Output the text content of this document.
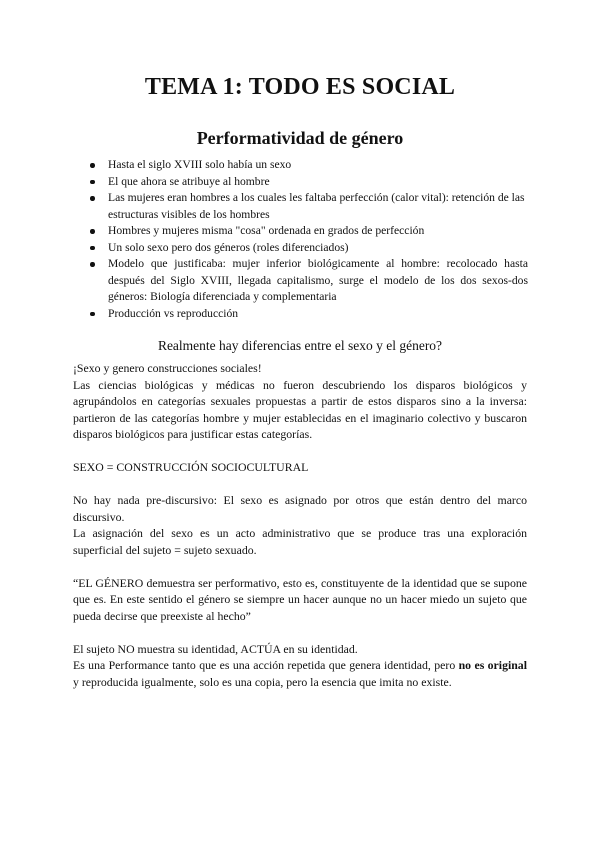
TEMA 1: TODO ES SOCIAL
Performatividad de género
Hasta el siglo XVIII solo había un sexo
El que ahora se atribuye al hombre
Las mujeres eran hombres a los cuales les faltaba perfección (calor vital): retención de las estructuras visibles de los hombres
Hombres y mujeres misma "cosa" ordenada en grados de perfección
Un solo sexo pero dos géneros (roles diferenciados)
Modelo que justificaba: mujer inferior biológicamente al hombre: recolocado hasta después del Siglo XVIII, llegada capitalismo, surge el modelo de los dos sexos-dos géneros: Biología diferenciada y complementaria
Producción vs reproducción
Realmente hay diferencias entre el sexo y el género?

¡Sexo y genero construcciones sociales!

Las ciencias biológicas y médicas no fueron descubriendo los disparos biológicos y agrupándolos en categorías sexuales propuestas a partir de estos disparos sino a la inversa: partieron de las categorías hombre y mujer establecidas en el imaginario colectivo y buscaron disparos biológicos para justificar estas categorías.

SEXO = CONSTRUCCIÓN SOCIOCULTURAL

No hay nada pre-discursivo: El sexo es asignado por otros que están dentro del marco discursivo.

La asignación del sexo es un acto administrativo que se produce tras una exploración superficial del sujeto = sujeto sexuado.

“EL GÉNERO demuestra ser performativo, esto es, constituyente de la identidad que se supone que es. En este sentido el género se siempre un hacer aunque no un hacer miedo un sujeto que pueda decirse que preexiste al hecho”

El sujeto NO muestra su identidad, ACTÚA en su identidad.

Es una Performance tanto que es una acción repetida que genera identidad, pero no es original y reproducida igualmente, solo es una copia, pero la esencia que imita no existe.
